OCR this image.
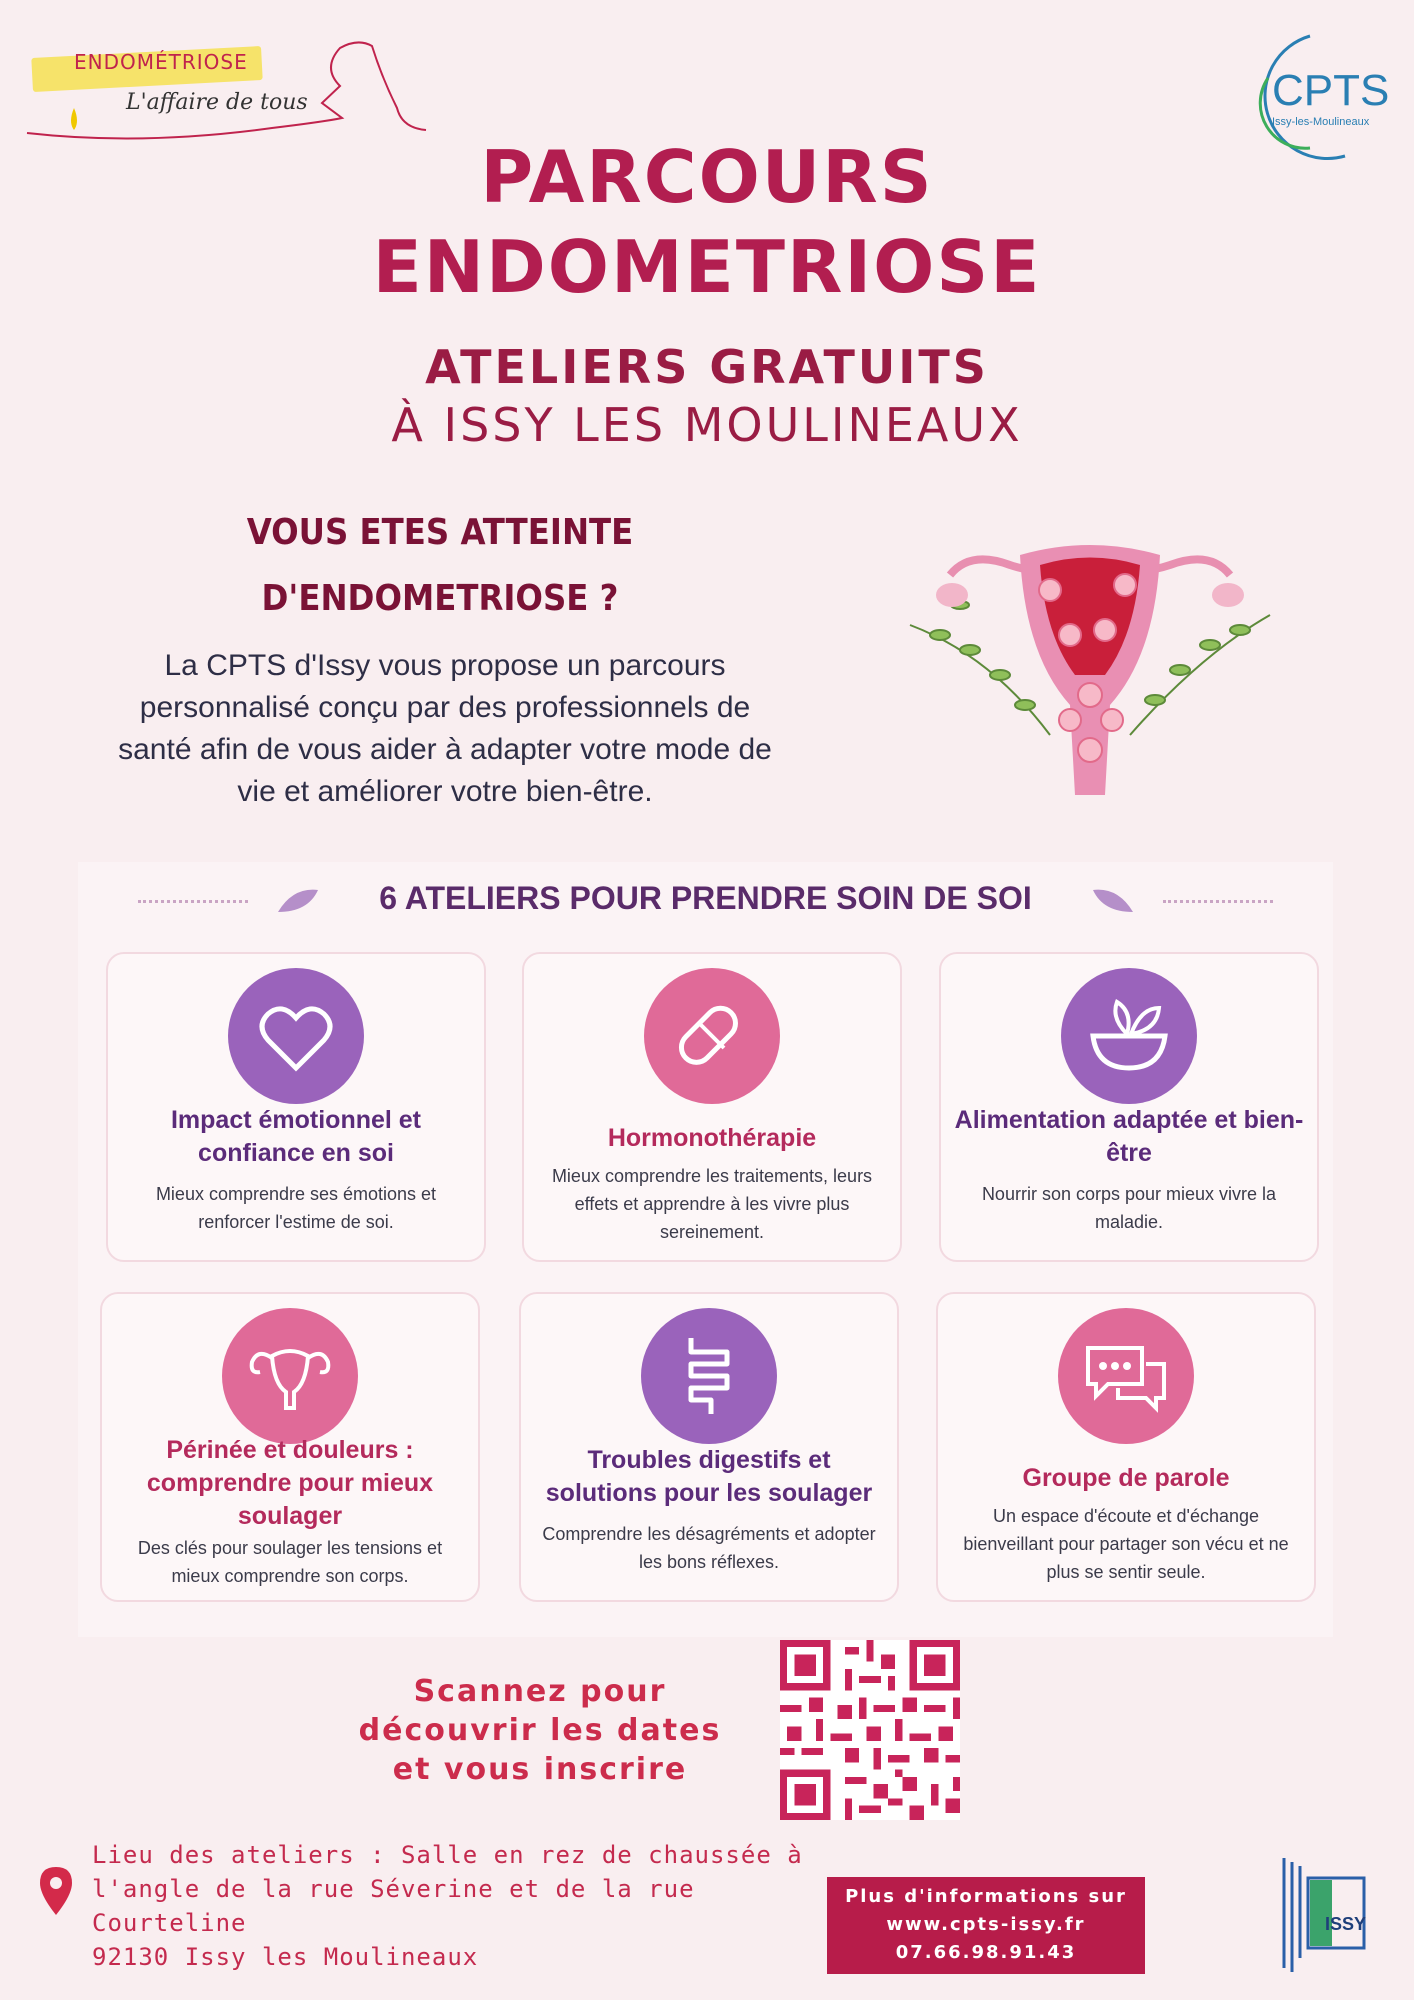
ENDOMÉTRIOSE
L'affaire de tous	CPTS
Issy-les-Moulineaux
PARCOURS
ENDOMETRIOSE
ATELIERS GRATUITS
À ISSY LES MOULINEAUX
VOUS ETES ATTEINTE
D'ENDOMETRIOSE ?
La CPTS d'Issy vous propose un parcours personnalisé conçu par des professionnels de santé afin de vous aider à adapter votre mode de vie et améliorer votre bien-être.
6 ATELIERS POUR PRENDRE SOIN DE SOI
Impact émotionnel et confiance en soi
Mieux comprendre ses émotions et renforcer l'estime de soi.
Hormonothérapie
Mieux comprendre les traitements, leurs effets et apprendre à les vivre plus sereinement.
Alimentation adaptée et bien-être
Nourrir son corps pour mieux vivre la maladie.
Périnée et douleurs : comprendre pour mieux soulager
Des clés pour soulager les tensions et mieux comprendre son corps.
Troubles digestifs et solutions pour les soulager
Comprendre les désagréments et adopter les bons réflexes.
Groupe de parole
Un espace d'écoute et d'échange bienveillant pour partager son vécu et ne plus se sentir seule.
Scannez pour
découvrir les dates
et vous inscrire
Lieu des ateliers : Salle en rez de chaussée à
l'angle de la rue Séverine et de la rue Courteline
92130 Issy les Moulineaux
Plus d'informations sur
www.cpts-issy.fr
07.66.98.91.43
ISSY
